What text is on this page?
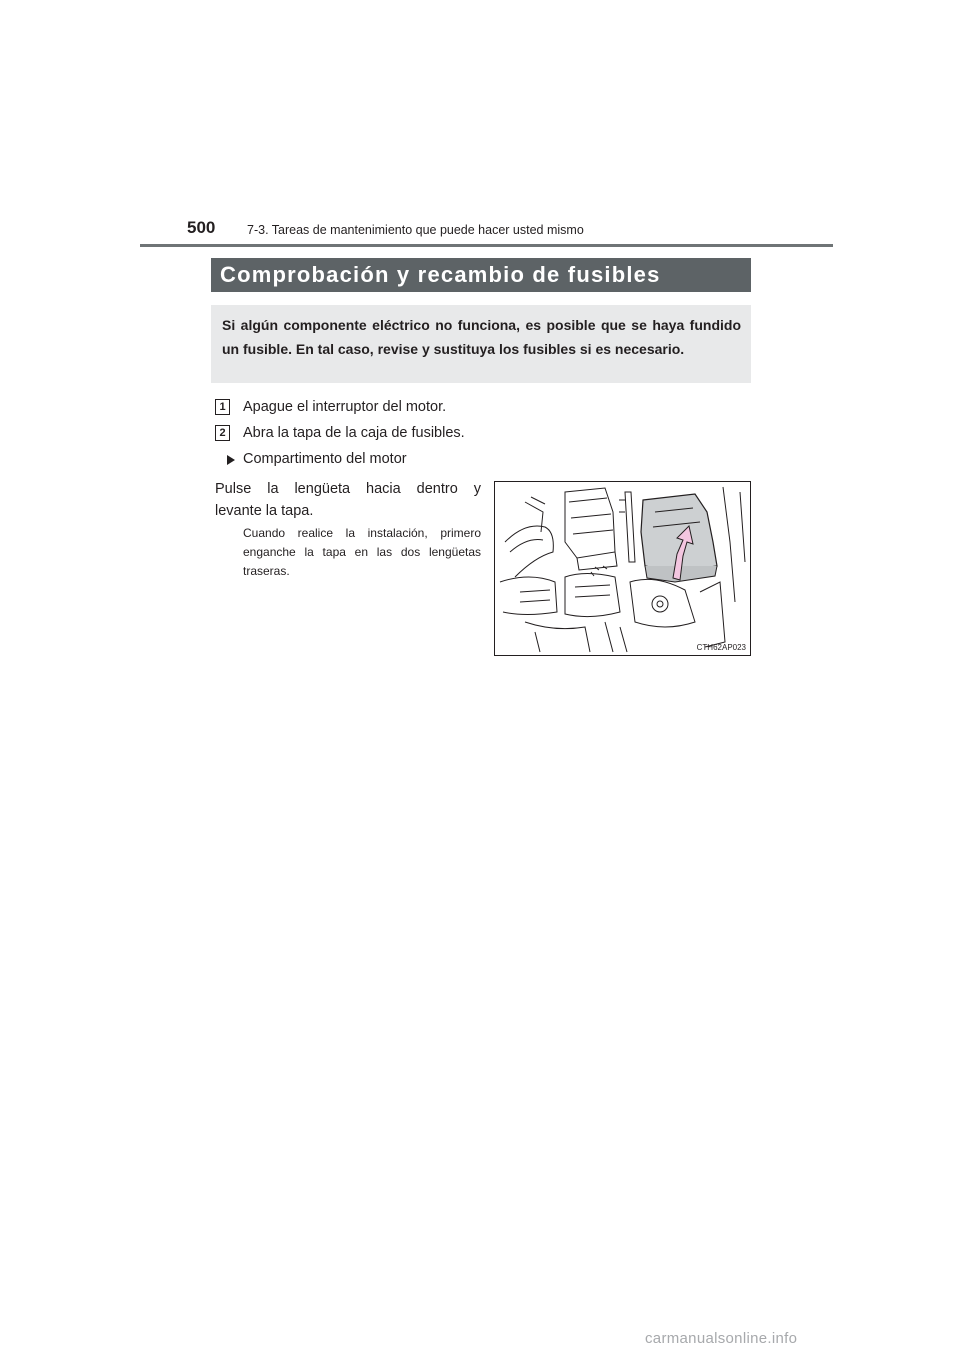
500	7-3. Tareas de mantenimiento que puede hacer usted mismo
Comprobación y recambio de fusibles
Si algún componente eléctrico no funciona, es posible que se haya fundido un fusible. En tal caso, revise y sustituya los fusibles si es necesario.
1	Apague el interruptor del motor.
2	Abra la tapa de la caja de fusibles.
Compartimento del motor
Pulse la lengüeta hacia dentro y
levante la tapa.
Cuando realice la instalación, primero enganche la tapa en las dos lengüetas traseras.
CTH62AP023
carmanualsonline.info
